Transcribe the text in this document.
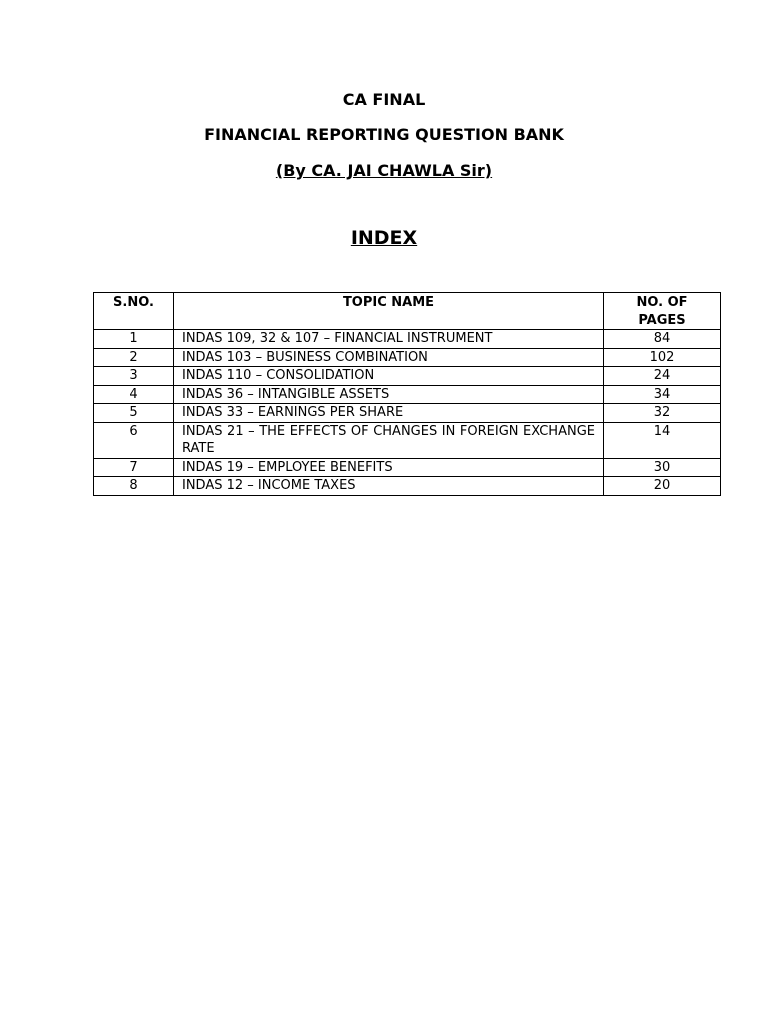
CA FINAL

FINANCIAL REPORTING QUESTION BANK

(By CA. JAI CHAWLA Sir)

INDEX

S.NO.	TOPIC NAME	NO. OF PAGES
1	INDAS 109, 32 & 107 – FINANCIAL INSTRUMENT	84
2	INDAS 103 – BUSINESS COMBINATION	102
3	INDAS 110 – CONSOLIDATION	24
4	INDAS 36 – INTANGIBLE ASSETS	34
5	INDAS 33 – EARNINGS PER SHARE	32
6	INDAS 21 – THE EFFECTS OF CHANGES IN FOREIGN EXCHANGE RATE	14
7	INDAS 19 – EMPLOYEE BENEFITS	30
8	INDAS 12 – INCOME TAXES	20
